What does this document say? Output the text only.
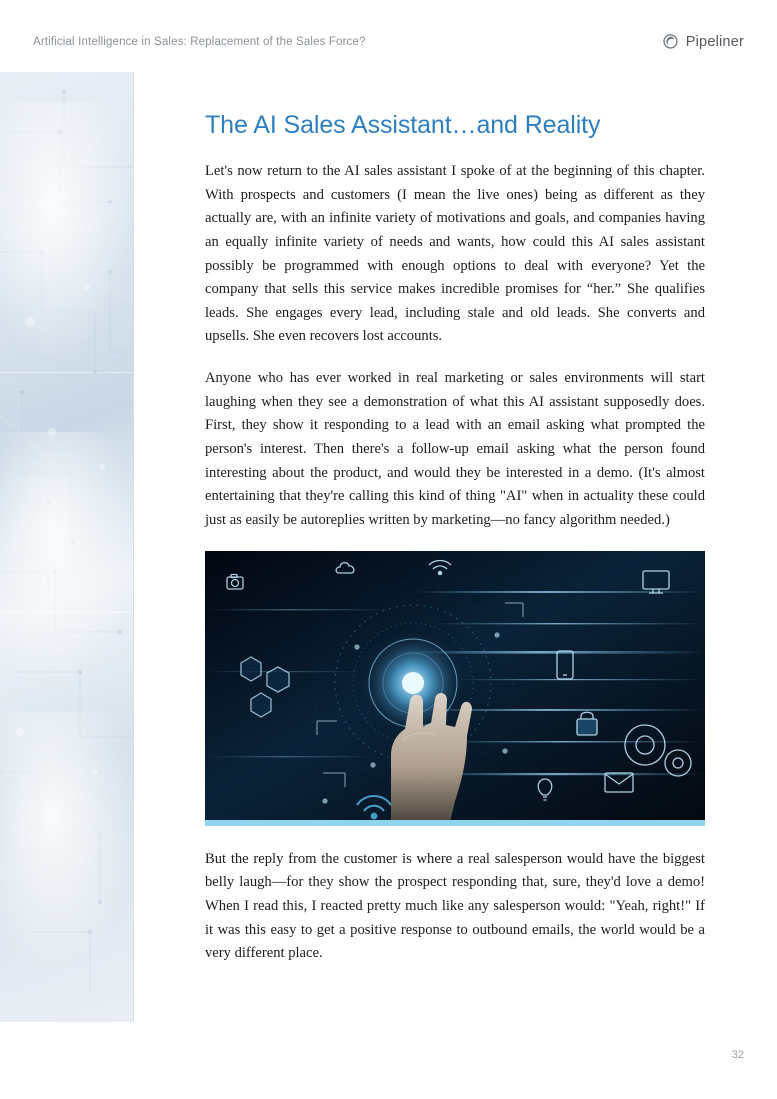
Artificial Intelligence in Sales: Replacement of the Sales Force?	Pipeliner
The AI Sales Assistant…and Reality

Let's now return to the AI sales assistant I spoke of at the beginning of this chapter. With prospects and customers (I mean the live ones) being as different as they actually are, with an infinite variety of motivations and goals, and companies having an equally infinite variety of needs and wants, how could this AI sales assistant possibly be programmed with enough options to deal with everyone? Yet the company that sells this service makes incredible promises for “her.” She qualifies leads. She engages every lead, including stale and old leads. She converts and upsells. She even recovers lost accounts.

Anyone who has ever worked in real marketing or sales environments will start laughing when they see a demonstration of what this AI assistant supposedly does. First, they show it responding to a lead with an email asking what prompted the person's interest. Then there's a follow-up email asking what the person found interesting about the product, and would they be interested in a demo. (It's almost entertaining that they're calling this kind of thing "AI" when in actuality these could just as easily be autoreplies written by marketing—no fancy algorithm needed.)

But the reply from the customer is where a real salesperson would have the biggest belly laugh—for they show the prospect responding that, sure, they'd love a demo! When I read this, I reacted pretty much like any salesperson would: "Yeah, right!" If it was this easy to get a positive response to outbound emails, the world would be a very different place.

32
